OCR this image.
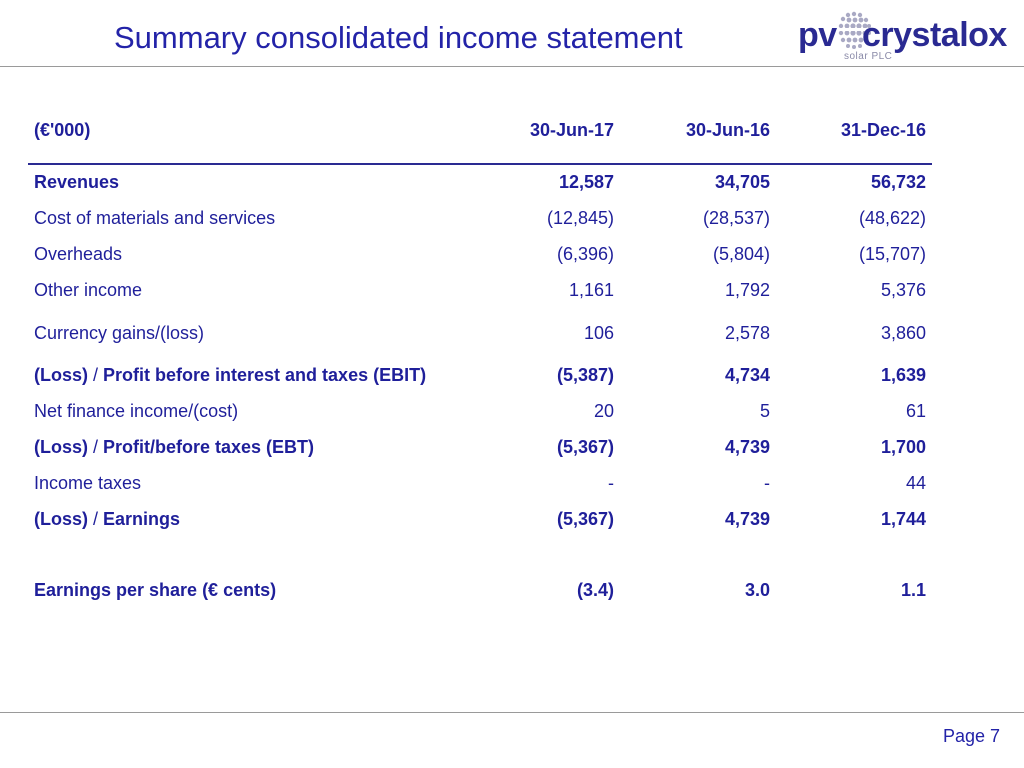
Summary consolidated income statement	pv crystalox
solar PLC
(€'000)	30-Jun-17	30-Jun-16	31-Dec-16
Revenues	12,587	34,705	56,732
Cost of materials and services	(12,845)	(28,537)	(48,622)
Overheads	(6,396)	(5,804)	(15,707)
Other income	1,161	1,792	5,376
Currency gains/(loss)	106	2,578	3,860
(Loss) / Profit before interest and taxes (EBIT)	(5,387)	4,734	1,639
Net finance income/(cost)	20	5	61
(Loss) / Profit/before taxes (EBT)	(5,367)	4,739	1,700
Income taxes	-	-	44
(Loss) / Earnings	(5,367)	4,739	1,744
Earnings per share (€ cents)	(3.4)	3.0	1.1
Page 7
